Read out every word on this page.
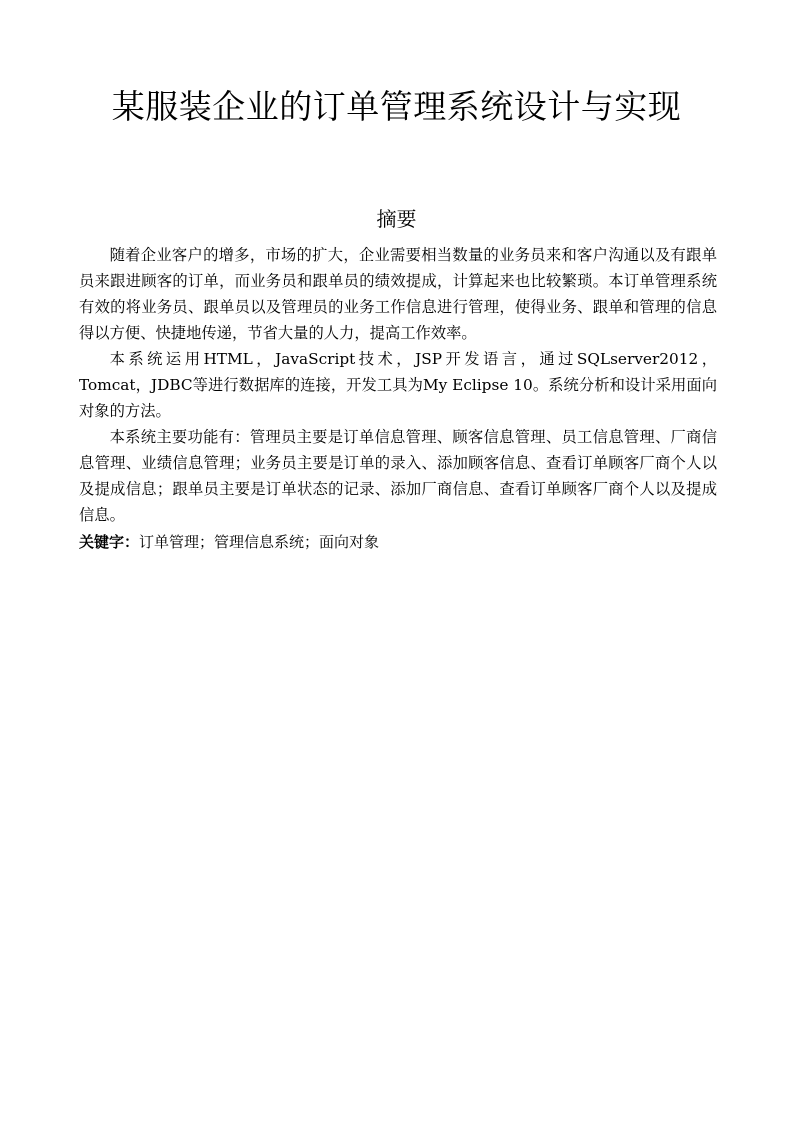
某服装企业的订单管理系统设计与实现
摘要

随着企业客户的增多，市场的扩大，企业需要相当数量的业务员来和客户沟通以及有跟单员来跟进顾客的订单，而业务员和跟单员的绩效提成，计算起来也比较繁琐。本订单管理系统有效的将业务员、跟单员以及管理员的业务工作信息进行管理，使得业务、跟单和管理的信息得以方便、快捷地传递，节省大量的人力，提高工作效率。

本系统运用HTML，JavaScript技术，JSP开发语言，通过SQLserver2012，Tomcat，JDBC等进行数据库的连接，开发工具为My Eclipse 10。系统分析和设计采用面向对象的方法。

本系统主要功能有：管理员主要是订单信息管理、顾客信息管理、员工信息管理、厂商信息管理、业绩信息管理；业务员主要是订单的录入、添加顾客信息、查看订单顾客厂商个人以及提成信息；跟单员主要是订单状态的记录、添加厂商信息、查看订单顾客厂商个人以及提成信息。

关键字：订单管理；管理信息系统；面向对象
